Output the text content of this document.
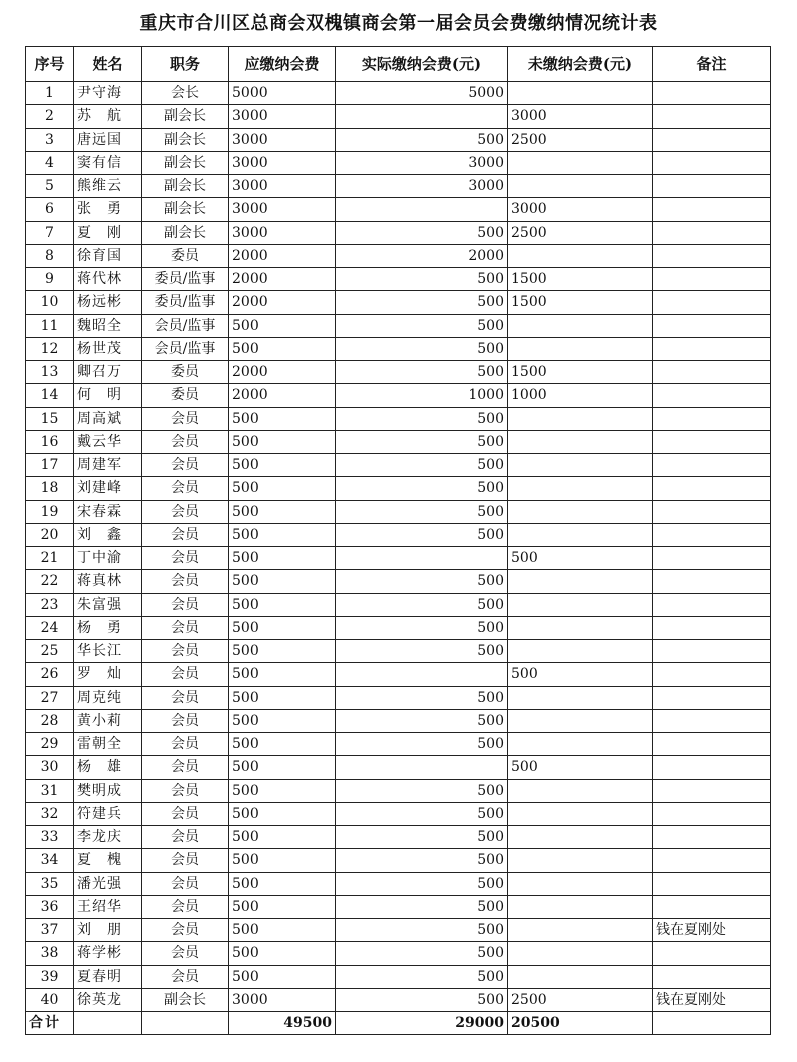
重庆市合川区总商会双槐镇商会第一届会员会费缴纳情况统计表
序号	姓名	职务	应缴纳会费	实际缴纳会费(元)	未缴纳会费(元)	备注
1	尹守海	会长	5000	5000		
2	苏　航	副会长	3000		3000	
3	唐远国	副会长	3000	500	2500	
4	窦有信	副会长	3000	3000		
5	熊维云	副会长	3000	3000		
6	张　勇	副会长	3000		3000	
7	夏　刚	副会长	3000	500	2500	
8	徐育国	委员	2000	2000		
9	蒋代林	委员/监事	2000	500	1500	
10	杨远彬	委员/监事	2000	500	1500	
11	魏昭全	会员/监事	500	500		
12	杨世茂	会员/监事	500	500		
13	卿召万	委员	2000	500	1500	
14	何　明	委员	2000	1000	1000	
15	周高斌	会员	500	500		
16	戴云华	会员	500	500		
17	周建军	会员	500	500		
18	刘建峰	会员	500	500		
19	宋春霖	会员	500	500		
20	刘　鑫	会员	500	500		
21	丁中渝	会员	500		500	
22	蒋真林	会员	500	500		
23	朱富强	会员	500	500		
24	杨　勇	会员	500	500		
25	华长江	会员	500	500		
26	罗　灿	会员	500		500	
27	周克纯	会员	500	500		
28	黄小莉	会员	500	500		
29	雷朝全	会员	500	500		
30	杨　雄	会员	500		500	
31	樊明成	会员	500	500		
32	符建兵	会员	500	500		
33	李龙庆	会员	500	500		
34	夏　槐	会员	500	500		
35	潘光强	会员	500	500		
36	王绍华	会员	500	500		
37	刘　朋	会员	500	500		钱在夏刚处
38	蒋学彬	会员	500	500		
39	夏春明	会员	500	500		
40	徐英龙	副会长	3000	500	2500	钱在夏刚处
合计			49500	29000	20500	
